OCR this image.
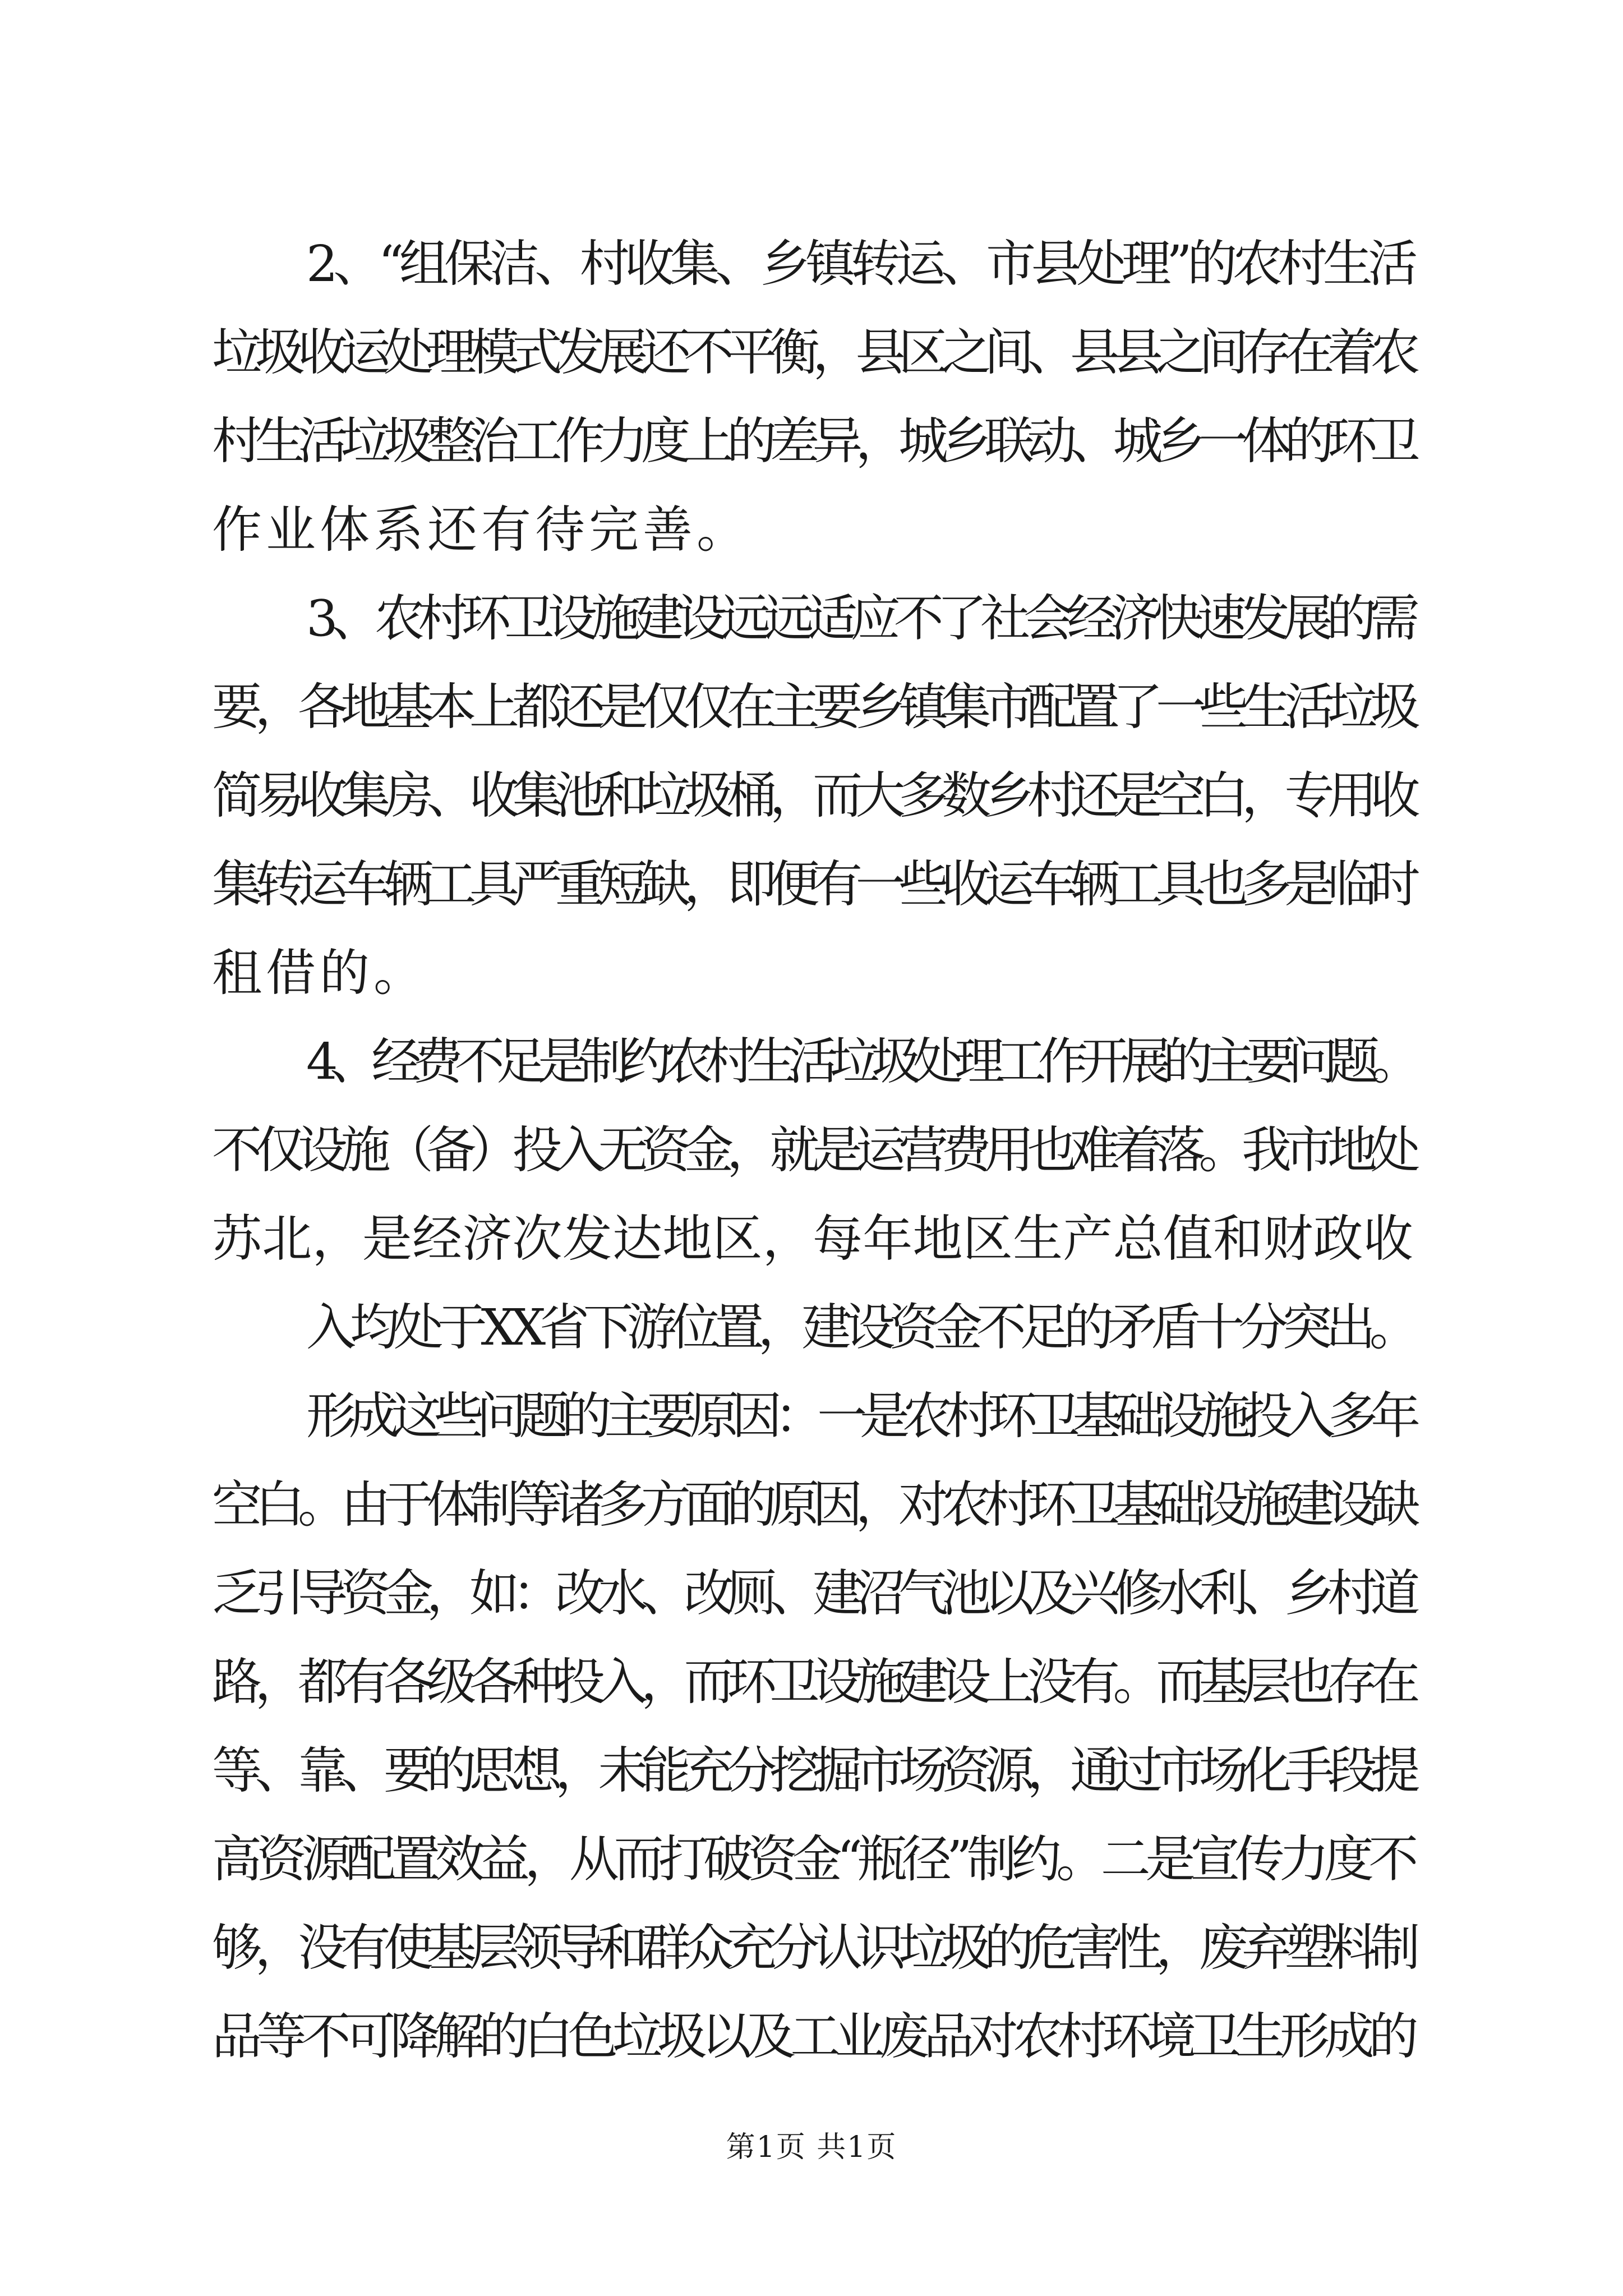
2、“组保洁、村收集、乡镇转运、市县处理”的农村生活
垃圾收运处理模式发展还不平衡，县区之间、县县之间存在着农
村生活垃圾整治工作力度上的差异，城乡联动、城乡一体的环卫
作业体系还有待完善。
3、农村环卫设施建设远远适应不了社会经济快速发展的需
要，各地基本上都还是仅仅在主要乡镇集市配置了一些生活垃圾
简易收集房、收集池和垃圾桶，而大多数乡村还是空白，专用收
集转运车辆工具严重短缺，即便有一些收运车辆工具也多是临时
租借的。
4、经费不足是制约农村生活垃圾处理工作开展的主要问题。
不仅设施（备）投入无资金，就是运营费用也难着落。我市地处
苏北，是经济次发达地区，每年地区生产总值和财政收
入均处于XX省下游位置，建设资金不足的矛盾十分突出。
形成这些问题的主要原因：一是农村环卫基础设施投入多年
空白。由于体制等诸多方面的原因，对农村环卫基础设施建设缺
乏引导资金，如：改水、改厕、建沼气池以及兴修水利、乡村道
路，都有各级各种投入，而环卫设施建设上没有。而基层也存在
等、靠、要的思想，未能充分挖掘市场资源，通过市场化手段提
高资源配置效益，从而打破资金“瓶径”制约。二是宣传力度不
够，没有使基层领导和群众充分认识垃圾的危害性，废弃塑料制
品等不可降解的白色垃圾以及工业废品对农村环境卫生形成的
第1页 共1页
